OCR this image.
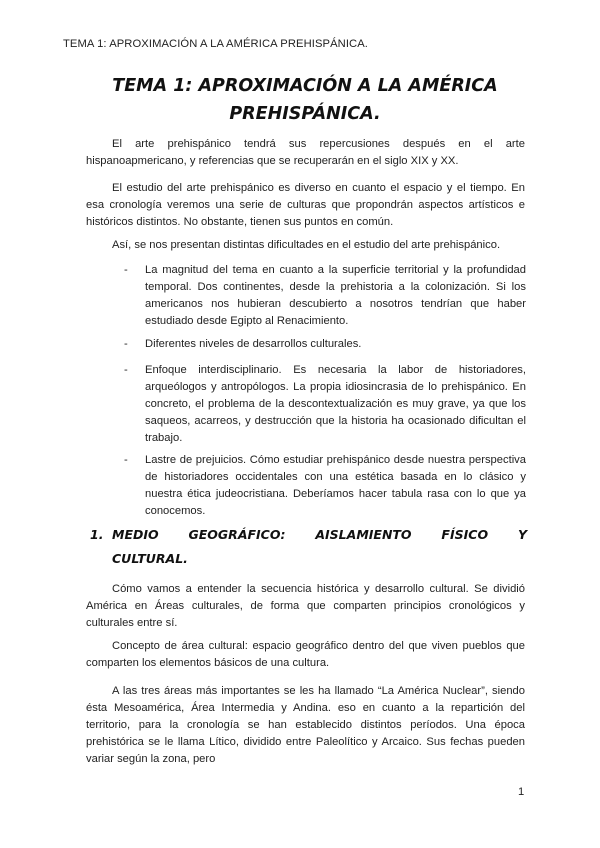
TEMA 1: APROXIMACIÓN A LA AMÉRICA PREHISPÁNICA.
TEMA 1: APROXIMACIÓN A LA AMÉRICA
PREHISPÁNICA.

El arte prehispánico tendrá sus repercusiones después en el arte hispanoapmericano, y referencias que se recuperarán en el siglo XIX y XX.

El estudio del arte prehispánico es diverso en cuanto el espacio y el tiempo. En esa cronología veremos una serie de culturas que propondrán aspectos artísticos e históricos distintos. No obstante, tienen sus puntos en común.

Así, se nos presentan distintas dificultades en el estudio del arte prehispánico.

-	La magnitud del tema en cuanto a la superficie territorial y la profundidad temporal. Dos continentes, desde la prehistoria a la colonización. Si los americanos nos hubieran descubierto a nosotros tendrían que haber estudiado desde Egipto al Renacimiento.

-	Diferentes niveles de desarrollos culturales.

-	Enfoque interdisciplinario. Es necesaria la labor de historiadores, arqueólogos y antropólogos. La propia idiosincrasia de lo prehispánico. En concreto, el problema de la descontextualización es muy grave, ya que los saqueos, acarreos, y destrucción que la historia ha ocasionado dificultan el trabajo.

-	Lastre de prejuicios. Cómo estudiar prehispánico desde nuestra perspectiva de historiadores occidentales con una estética basada en lo clásico y nuestra ética judeocristiana. Deberíamos hacer tabula rasa con lo que ya conocemos.

1. MEDIO GEOGRÁFICO: AISLAMIENTO FÍSICO Y
CULTURAL.

Cómo vamos a entender la secuencia histórica y desarrollo cultural. Se dividió América en Áreas culturales, de forma que comparten principios cronológicos y culturales entre sí.

Concepto de área cultural: espacio geográfico dentro del que viven pueblos que comparten los elementos básicos de una cultura.

A las tres áreas más importantes se les ha llamado “La América Nuclear”, siendo ésta Mesoamérica, Área Intermedia y Andina. eso en cuanto a la repartición del territorio, para la cronología se han establecido distintos períodos. Una época prehistórica se le llama Lítico, dividido entre Paleolítico y Arcaico. Sus fechas pueden variar según la zona, pero

1
